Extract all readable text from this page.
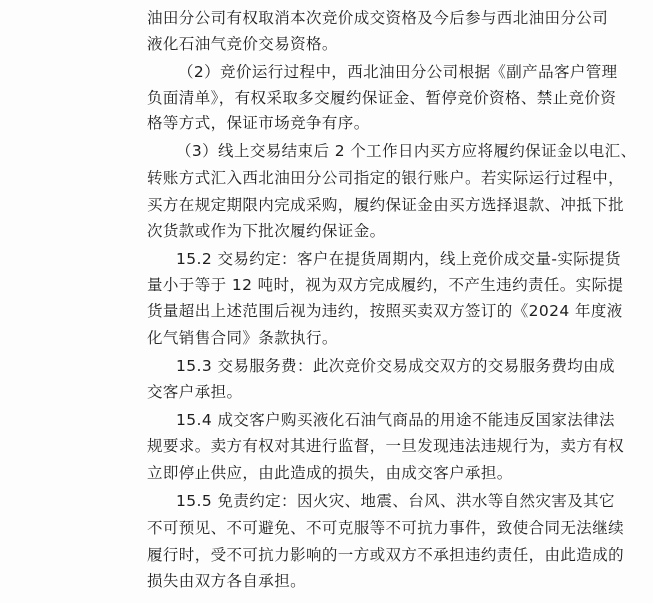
油田分公司有权取消本次竞价成交资格及今后参与西北油田分公司
液化石油气竞价交易资格。
（2）竞价运行过程中，西北油田分公司根据《副产品客户管理
负面清单》，有权采取多交履约保证金、暂停竞价资格、禁止竞价资
格等方式，保证市场竞争有序。
（3）线上交易结束后 2 个工作日内买方应将履约保证金以电汇、
转账方式汇入西北油田分公司指定的银行账户。若实际运行过程中，
买方在规定期限内完成采购，履约保证金由买方选择退款、冲抵下批
次货款或作为下批次履约保证金。
15.2 交易约定：客户在提货周期内，线上竞价成交量-实际提货
量小于等于 12 吨时，视为双方完成履约，不产生违约责任。实际提
货量超出上述范围后视为违约，按照买卖双方签订的《2024 年度液
化气销售合同》条款执行。
15.3 交易服务费：此次竞价交易成交双方的交易服务费均由成
交客户承担。
15.4 成交客户购买液化石油气商品的用途不能违反国家法律法
规要求。卖方有权对其进行监督，一旦发现违法违规行为，卖方有权
立即停止供应，由此造成的损失，由成交客户承担。
15.5 免责约定：因火灾、地震、台风、洪水等自然灾害及其它
不可预见、不可避免、不可克服等不可抗力事件，致使合同无法继续
履行时，受不可抗力影响的一方或双方不承担违约责任，由此造成的
损失由双方各自承担。
